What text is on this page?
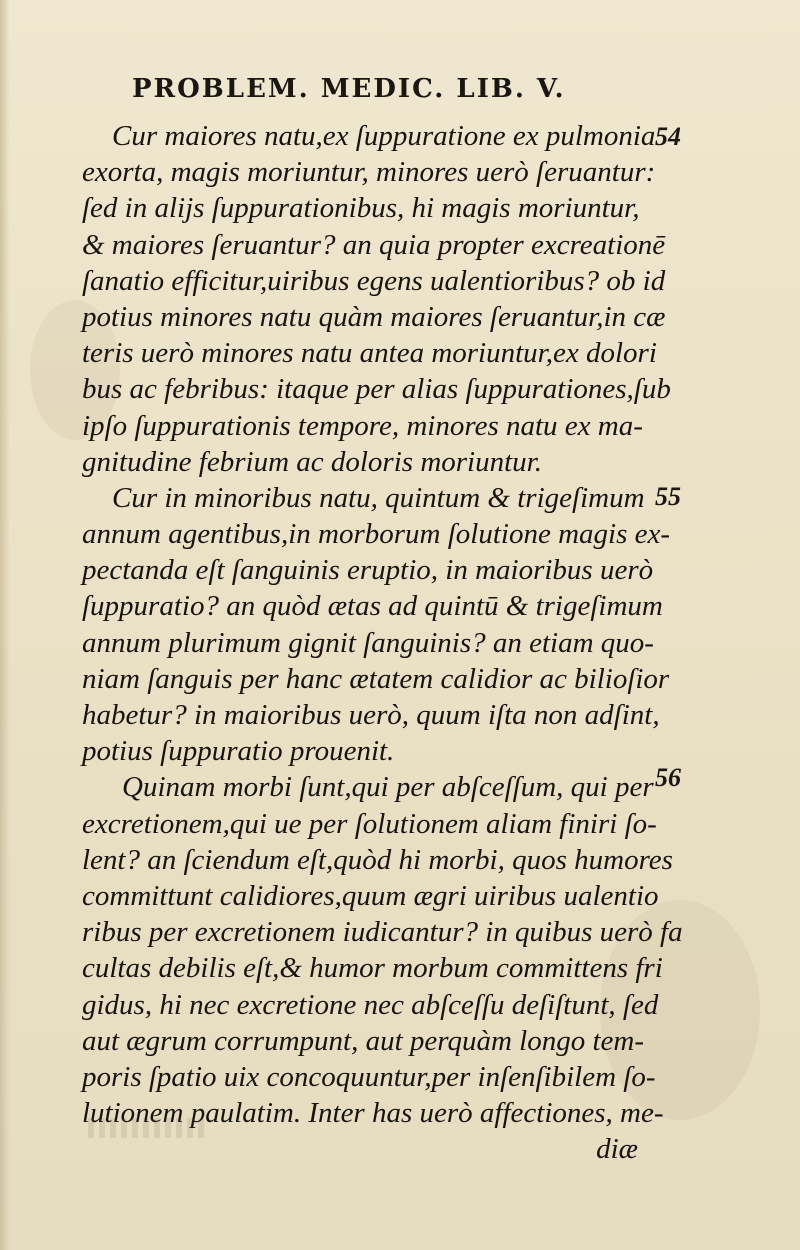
PROBLEM. MEDIC. LIB. V.
54
55
56
Cur maiores natu,ex ſuppuratione ex pulmonia
exorta, magis moriuntur, minores uerò ſeruantur:
ſed in alijs ſuppurationibus, hi magis moriuntur,
& maiores ſeruantur? an quia propter excreationē
ſanatio efficitur,uiribus egens ualentioribus? ob id
potius minores natu quàm maiores ſeruantur,in cæ
teris uerò minores natu antea moriuntur,ex dolori
bus ac febribus: itaque per alias ſuppurationes,ſub
ipſo ſuppurationis tempore, minores natu ex ma-
gnitudine febrium ac doloris moriuntur.
Cur in minoribus natu, quintum & trigeſimum
annum agentibus,in morborum ſolutione magis ex-
pectanda eſt ſanguinis eruptio, in maioribus uerò
ſuppuratio? an quòd ætas ad quintū & trigeſimum
annum plurimum gignit ſanguinis? an etiam quo-
niam ſanguis per hanc ætatem calidior ac bilioſior
habetur? in maioribus uerò, quum iſta non adſint,
potius ſuppuratio prouenit.
Quinam morbi ſunt,qui per abſceſſum, qui per
excretionem,qui ue per ſolutionem aliam finiri ſo-
lent? an ſciendum eſt,quòd hi morbi, quos humores
committunt calidiores,quum ægri uiribus ualentio
ribus per excretionem iudicantur? in quibus uerò fa
cultas debilis eſt,& humor morbum committens fri
gidus, hi nec excretione nec abſceſſu deſiſtunt, ſed
aut ægrum corrumpunt, aut perquàm longo tem-
poris ſpatio uix concoquuntur,per inſenſibilem ſo-
lutionem paulatim. Inter has uerò affectiones, me-
diæ
